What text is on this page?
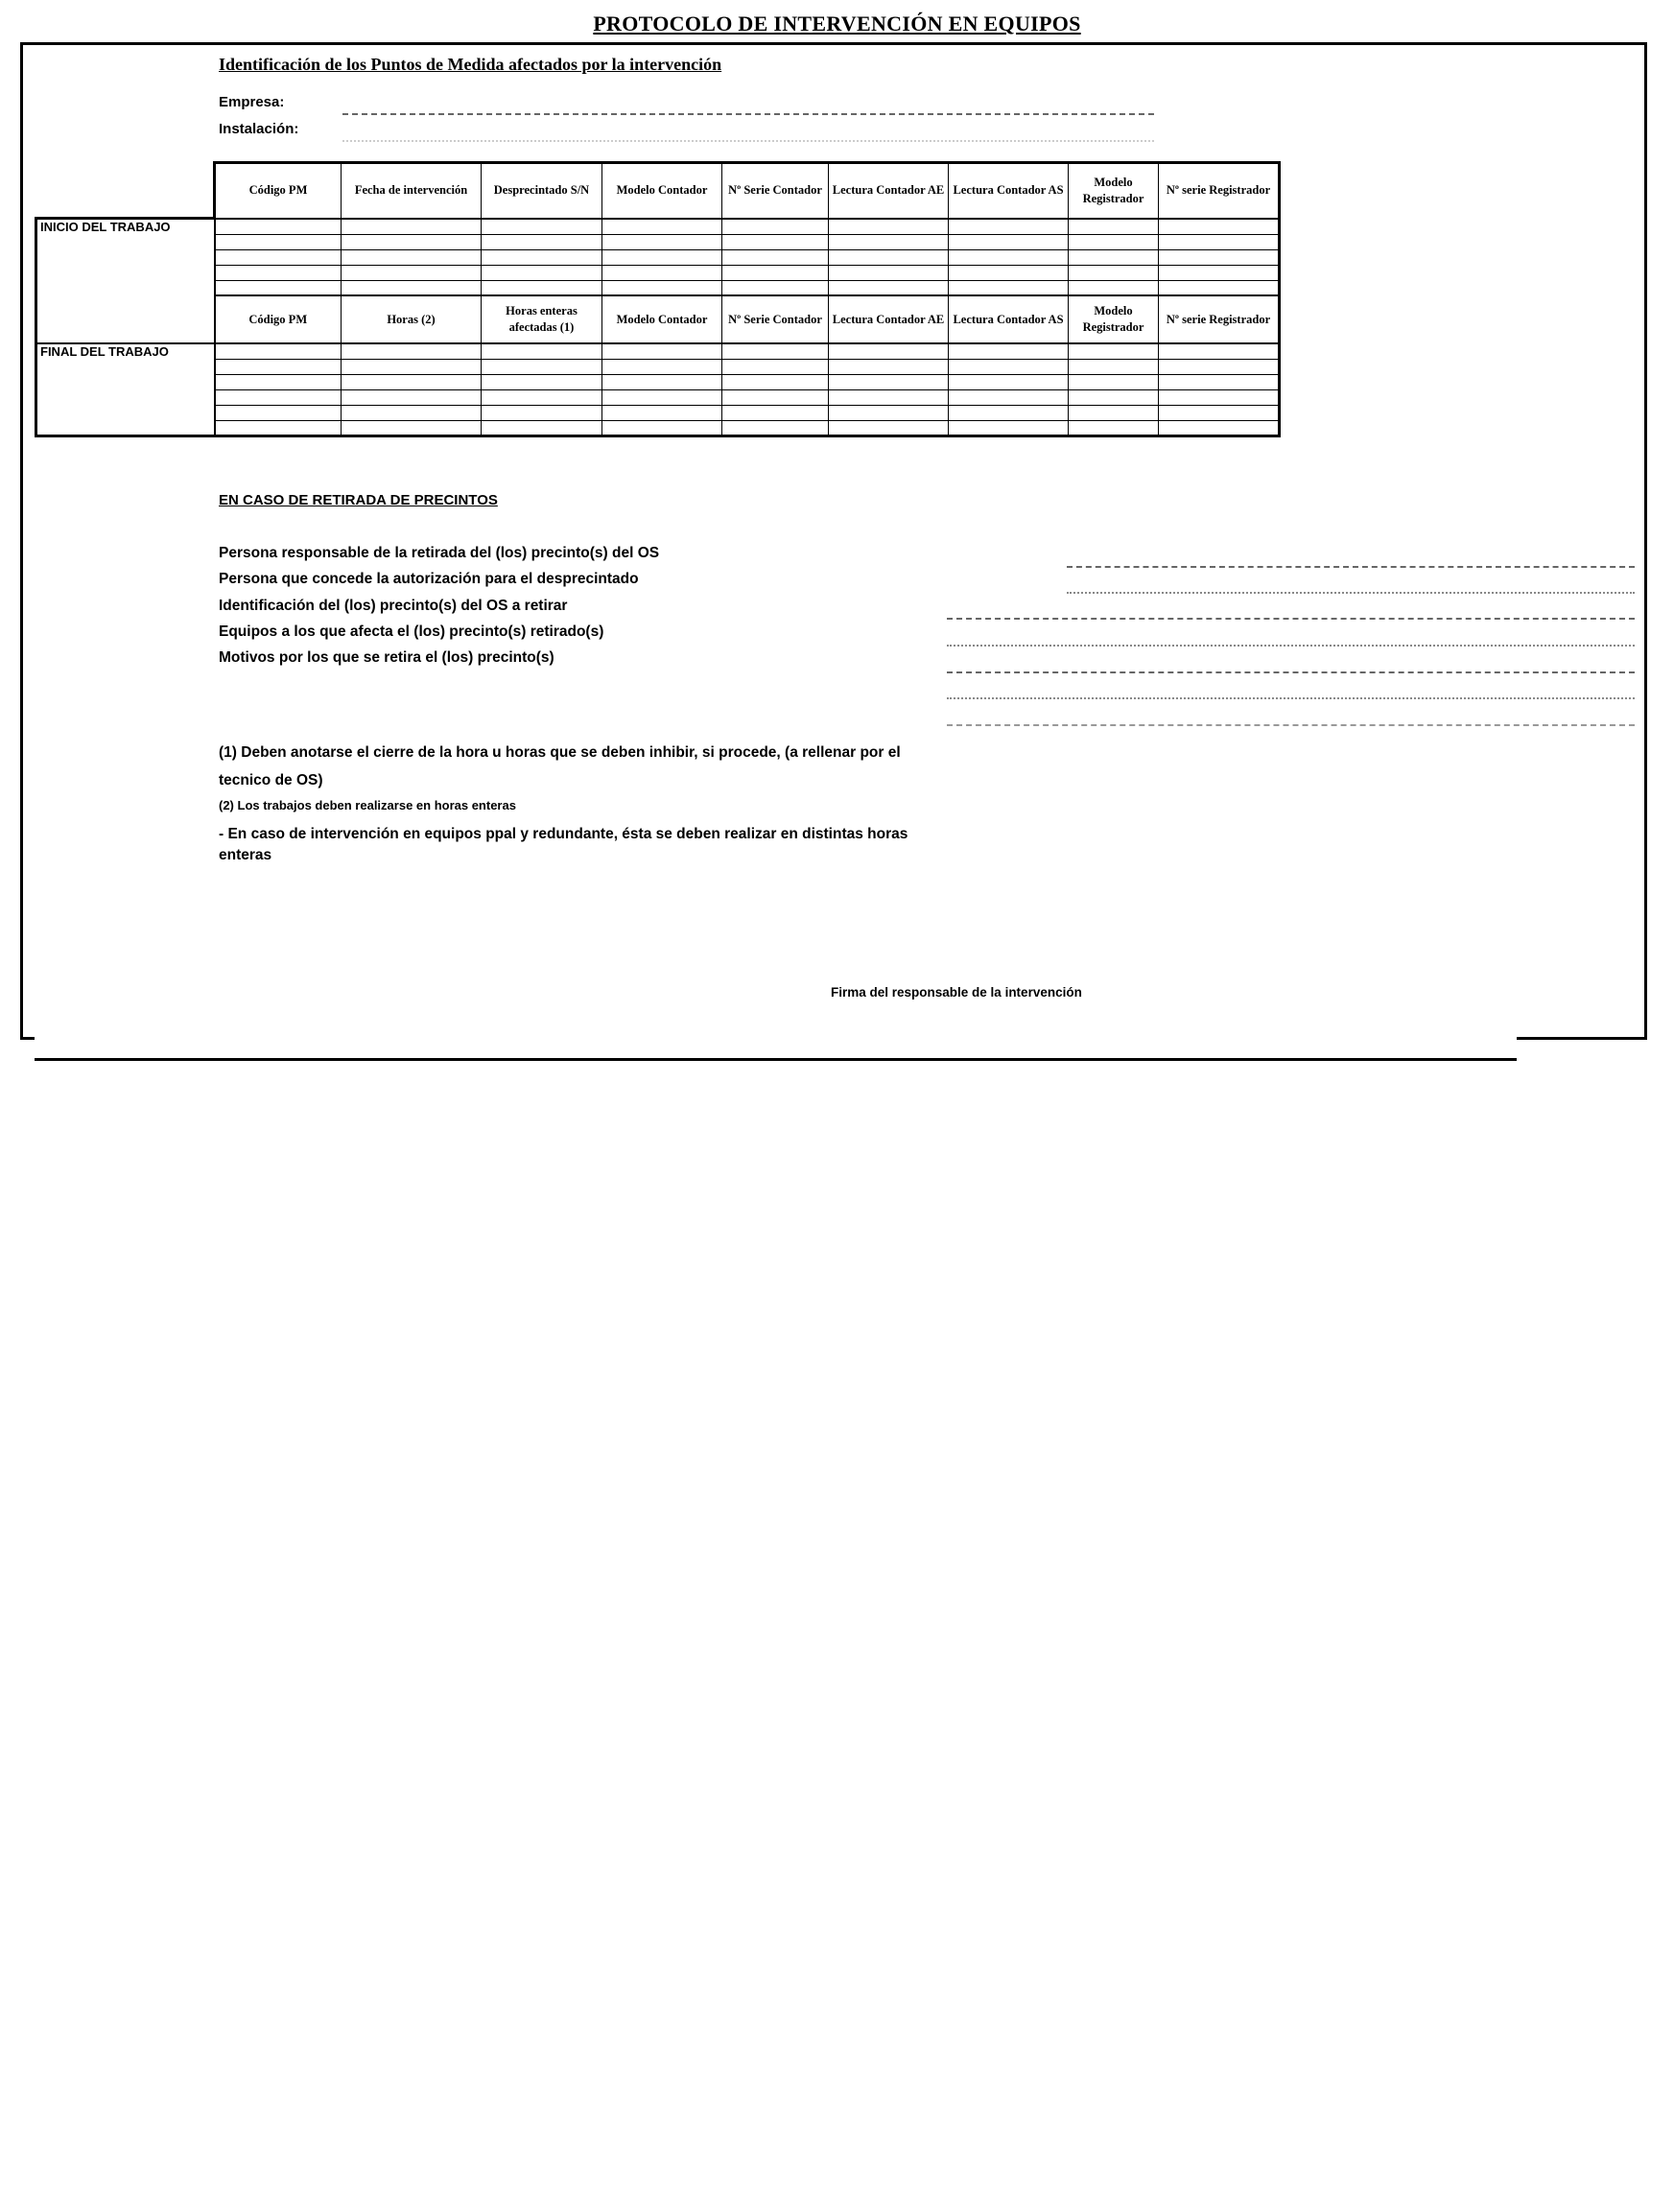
PROTOCOLO DE INTERVENCIÓN EN EQUIPOS
Identificación de los Puntos de Medida afectados por la intervención
Empresa:
Instalación:
	Código PM	Fecha de intervención	Desprecintado S/N	Modelo Contador	Nº Serie Contador	Lectura Contador AE	Lectura Contador AS	Modelo Registrador	Nº serie Registrador
INICIO DEL TRABAJO									

	Código PM	Horas (2)	Horas enteras afectadas (1)	Modelo Contador	Nº Serie Contador	Lectura Contador AE	Lectura Contador AS	Modelo Registrador	Nº serie Registrador
FINAL DEL TRABAJO									

EN CASO DE RETIRADA DE PRECINTOS
Persona responsable de la retirada del (los) precinto(s) del OS
Persona que concede la autorización para el desprecintado
Identificación del (los) precinto(s) del OS a retirar
Equipos a los que afecta el (los) precinto(s) retirado(s)
Motivos por los que se retira el (los) precinto(s)
(1) Deben anotarse el cierre de la hora u horas que se deben inhibir, si procede, (a rellenar por el
tecnico de OS)
(2) Los trabajos deben realizarse en horas enteras
- En caso de intervención en equipos ppal y redundante, ésta se deben realizar en distintas horas
enteras
Firma del responsable de la intervención
